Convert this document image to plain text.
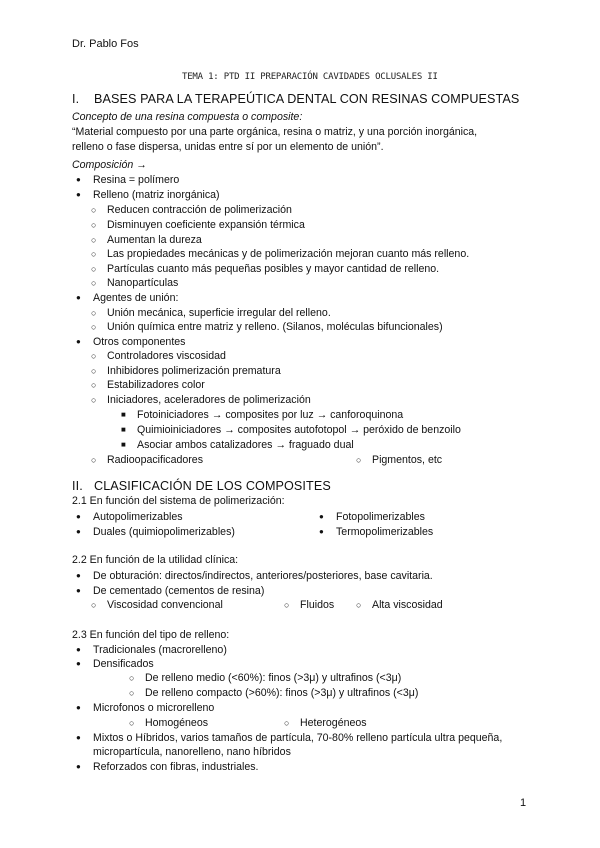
Dr. Pablo Fos
TEMA 1: PTD II PREPARACIÓN CAVIDADES OCLUSALES II
I. BASES PARA LA TERAPEÚTICA DENTAL CON RESINAS COMPUESTAS
Concepto de una resina compuesta o composite:
“Material compuesto por una parte orgánica, resina o matriz, y una porción inorgánica,
relleno o fase dispersa, unidas entre sí por un elemento de unión”.
Composición →
● Resina = polímero
● Relleno (matriz inorgánica)
○ Reducen contracción de polimerización
○ Disminuyen coeficiente expansión térmica
○ Aumentan la dureza
○ Las propiedades mecánicas y de polimerización mejoran cuanto más relleno.
○ Partículas cuanto más pequeñas posibles y mayor cantidad de relleno.
○ Nanopartículas
● Agentes de unión:
○ Unión mecánica, superficie irregular del relleno.
○ Unión química entre matriz y relleno. (Silanos, moléculas bifuncionales)
● Otros componentes
○ Controladores viscosidad
○ Inhibidores polimerización prematura
○ Estabilizadores color
○ Iniciadores, aceleradores de polimerización
■ Fotoiniciadores → composites por luz → canforoquinona
■ Quimioiniciadores → composites autofotopol → peróxido de benzoilo
■ Asociar ambos catalizadores → fraguado dual
○ Radioopacificadores	○ Pigmentos, etc
II. CLASIFICACIÓN DE LOS COMPOSITES
2.1 En función del sistema de polimerización:
● Autopolimerizables	● Fotopolimerizables
● Duales (quimiopolimerizables)	● Termopolimerizables
2.2 En función de la utilidad clínica:
● De obturación: directos/indirectos, anteriores/posteriores, base cavitaria.
● De cementado (cementos de resina)
○ Viscosidad convencional	○ Fluidos	○ Alta viscosidad
2.3 En función del tipo de relleno:
● Tradicionales (macrorelleno)
● Densificados
○ De relleno medio (<60%): finos (>3μ) y ultrafinos (<3μ)
○ De relleno compacto (>60%): finos (>3μ) y ultrafinos (<3μ)
● Microfonos o microrelleno
○ Homogéneos	○ Heterogéneos
● Mixtos o Híbridos, varios tamaños de partícula, 70-80% relleno partícula ultra pequeña,
micropartícula, nanorelleno, nano híbridos
● Reforzados con fibras, industriales.
1
